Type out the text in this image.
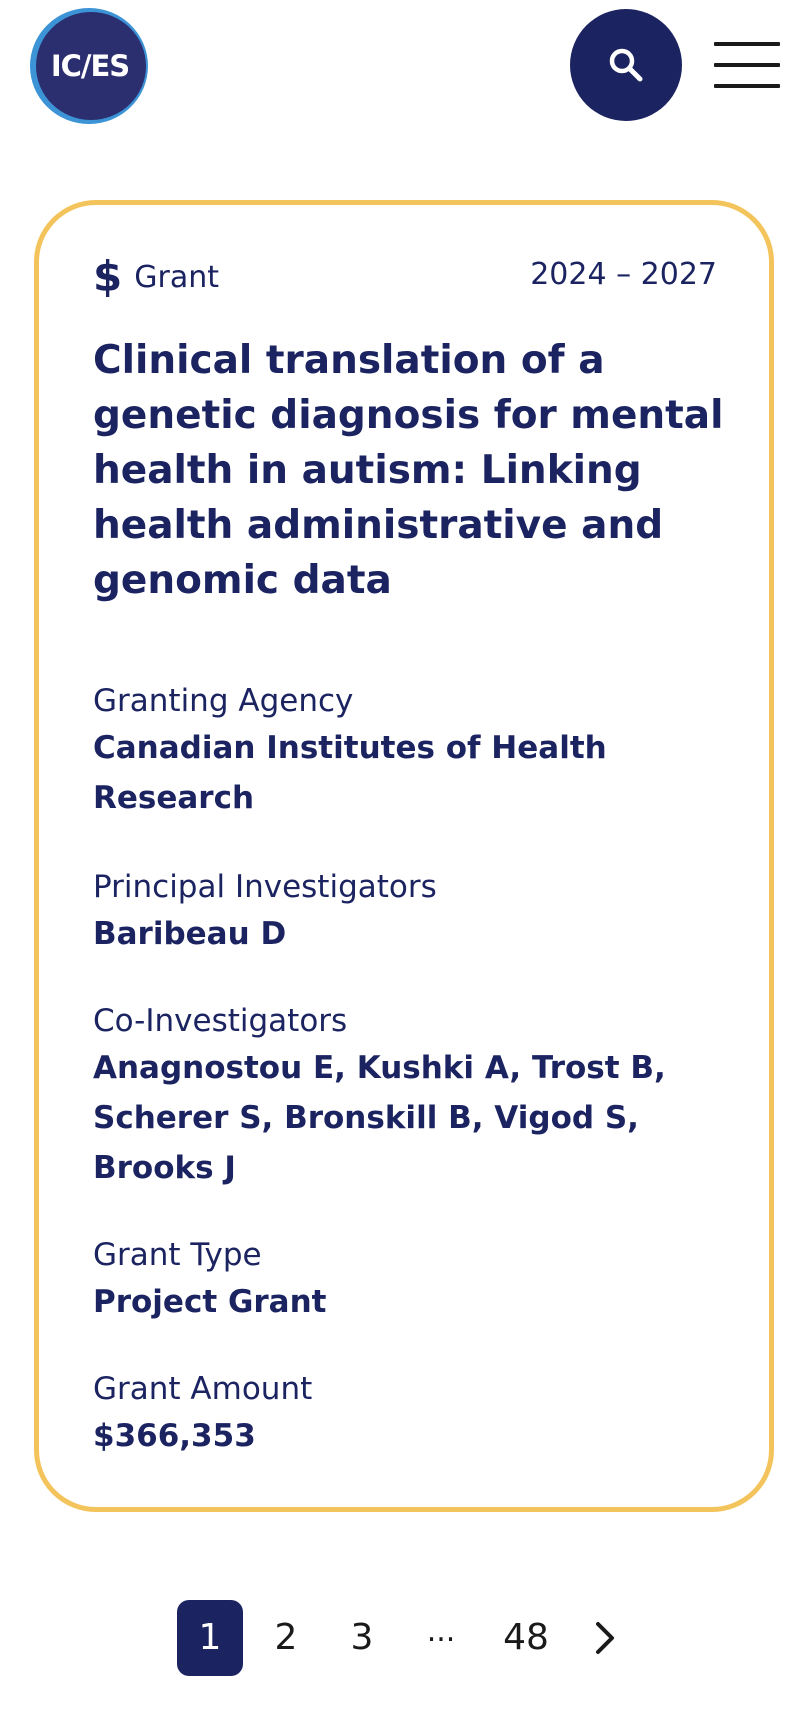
IC/ES
$ Grant	2024 – 2027
Clinical translation of a genetic diagnosis for mental health in autism: Linking health administrative and genomic data
Granting Agency
Canadian Institutes of Health Research
Principal Investigators
Baribeau D
Co-Investigators
Anagnostou E, Kushki A, Trost B, Scherer S, Bronskill B, Vigod S, Brooks J
Grant Type
Project Grant
Grant Amount
$366,353
1	2 3	... 48
